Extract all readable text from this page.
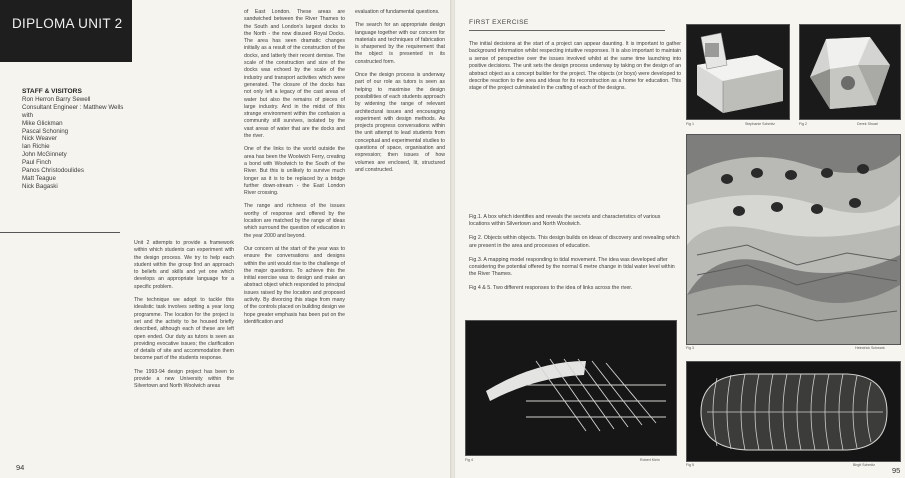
DIPLOMA UNIT 2
STAFF & VISITORS
Ron Herron Barry Sewell
Consultant Engineer : Matthew Wells
with
Mike Glickman
Pascal Schoning
Nick Weaver
Ian Richie
John McGinnety
Paul Finch
Panos Christodoulides
Matt Teague
Nick Bagaski

Unit 2 attempts to provide a framework within which students can experiment with the design process. We try to help each student within the group find an approach to beliefs and skills and yet one which develops an appropriate language for a specific problem.

The technique we adopt to tackle this idealistic task involves setting a year long programme. The location for the project is set and the activity to be housed briefly described, although each of these are left open ended. Our duty as tutors is seen as providing evocative issues; the clarification of details of site and accommodation them become part of the students response.

The 1993-94 design project has been to provide a new University within the Silvertown and North Woolwich areas

of East London. These areas are sandwiched between the River Thames to the South and London's largest docks to the North - the now disused Royal Docks. The area has seen dramatic changes initially as a result of the construction of the docks, and latterly their recent demise. The scale of the construction and size of the docks was echoed by the scale of the industry and transport activities which were generated. The closure of the docks has not only left a legacy of the cast areas of water but also the remains of pieces of large industry. And in the midst of this strange environment within the confusion a community still survives, isolated by the vast areas of water that are the docks and the river.

One of the links to the world outside the area has been the Woolwich Ferry, creating a bond with Woolwich to the South of the River. But this is unlikely to survive much longer as it is to be replaced by a bridge further down-stream - the East London River crossing.

The range and richness of the issues worthy of response and offered by the location are matched by the range of ideas which surround the question of education in the year 2000 and beyond.

Our concern at the start of the year was to ensure the conversations and designs within the unit would rise to the challenge of the major questions. To achieve this the initial exercise was to design and make an abstract object which responded to principal issues raised by the location and proposed activity. By divorcing this stage from many of the controls placed on building design we hope greater emphasis has been put on the identification and

evaluation of fundamental questions.

The search for an appropriate design language together with our concern for materials and techniques of fabrication is sharpened by the requirement that the object is presented in its constructed form.

Once the design process is underway part of our role as tutors is seen as helping to maximise the design possibilities of each students approach by widening the range of relevant architectural issues and encouraging experiment with design methods. As projects progress conversations within the unit attempt to lead students from conceptual and experimental studies to questions of space, organisation and expression; then issues of how volumes are enclosed, lit, structured and constructed.

94
FIRST EXERCISE

The initial decisions at the start of a project can appear daunting. It is important to gather background information whilst respecting intuitive responses. It is also important to maintain a sense of perspective over the issues involved whilst at the same time launching into positive decisions. The unit sets the design process underway by taking on the design of an abstract object as a concept builder for the project. The objects (or boys) were developed to describe reaction to the area and ideas for its reconstruction as a home for education. This stage of the project culminated in the crafting of each of the designs.

Fig.1. A box which identifies and reveals the secrets and characteristics of various locations within Silvertown and North Woolwich.

Fig 2. Objects within objects. This design builds on ideas of discovery and revealing which are present in the area and processes of education.

Fig.3. A mapping model responding to tidal movement. The idea was developed after considering the potential offered by the normal 6 metre change in tidal water level within the River Thames.

Fig 4 & 5. Two different responses to the idea of links across the river.

Fig 1	Stephanie Schmitz	Fig 2	Derek Shoari
Fig 3	Heindrick Schwark
Fig 4	Robert Klein
Fig 5	Birgit Schmitz
95
